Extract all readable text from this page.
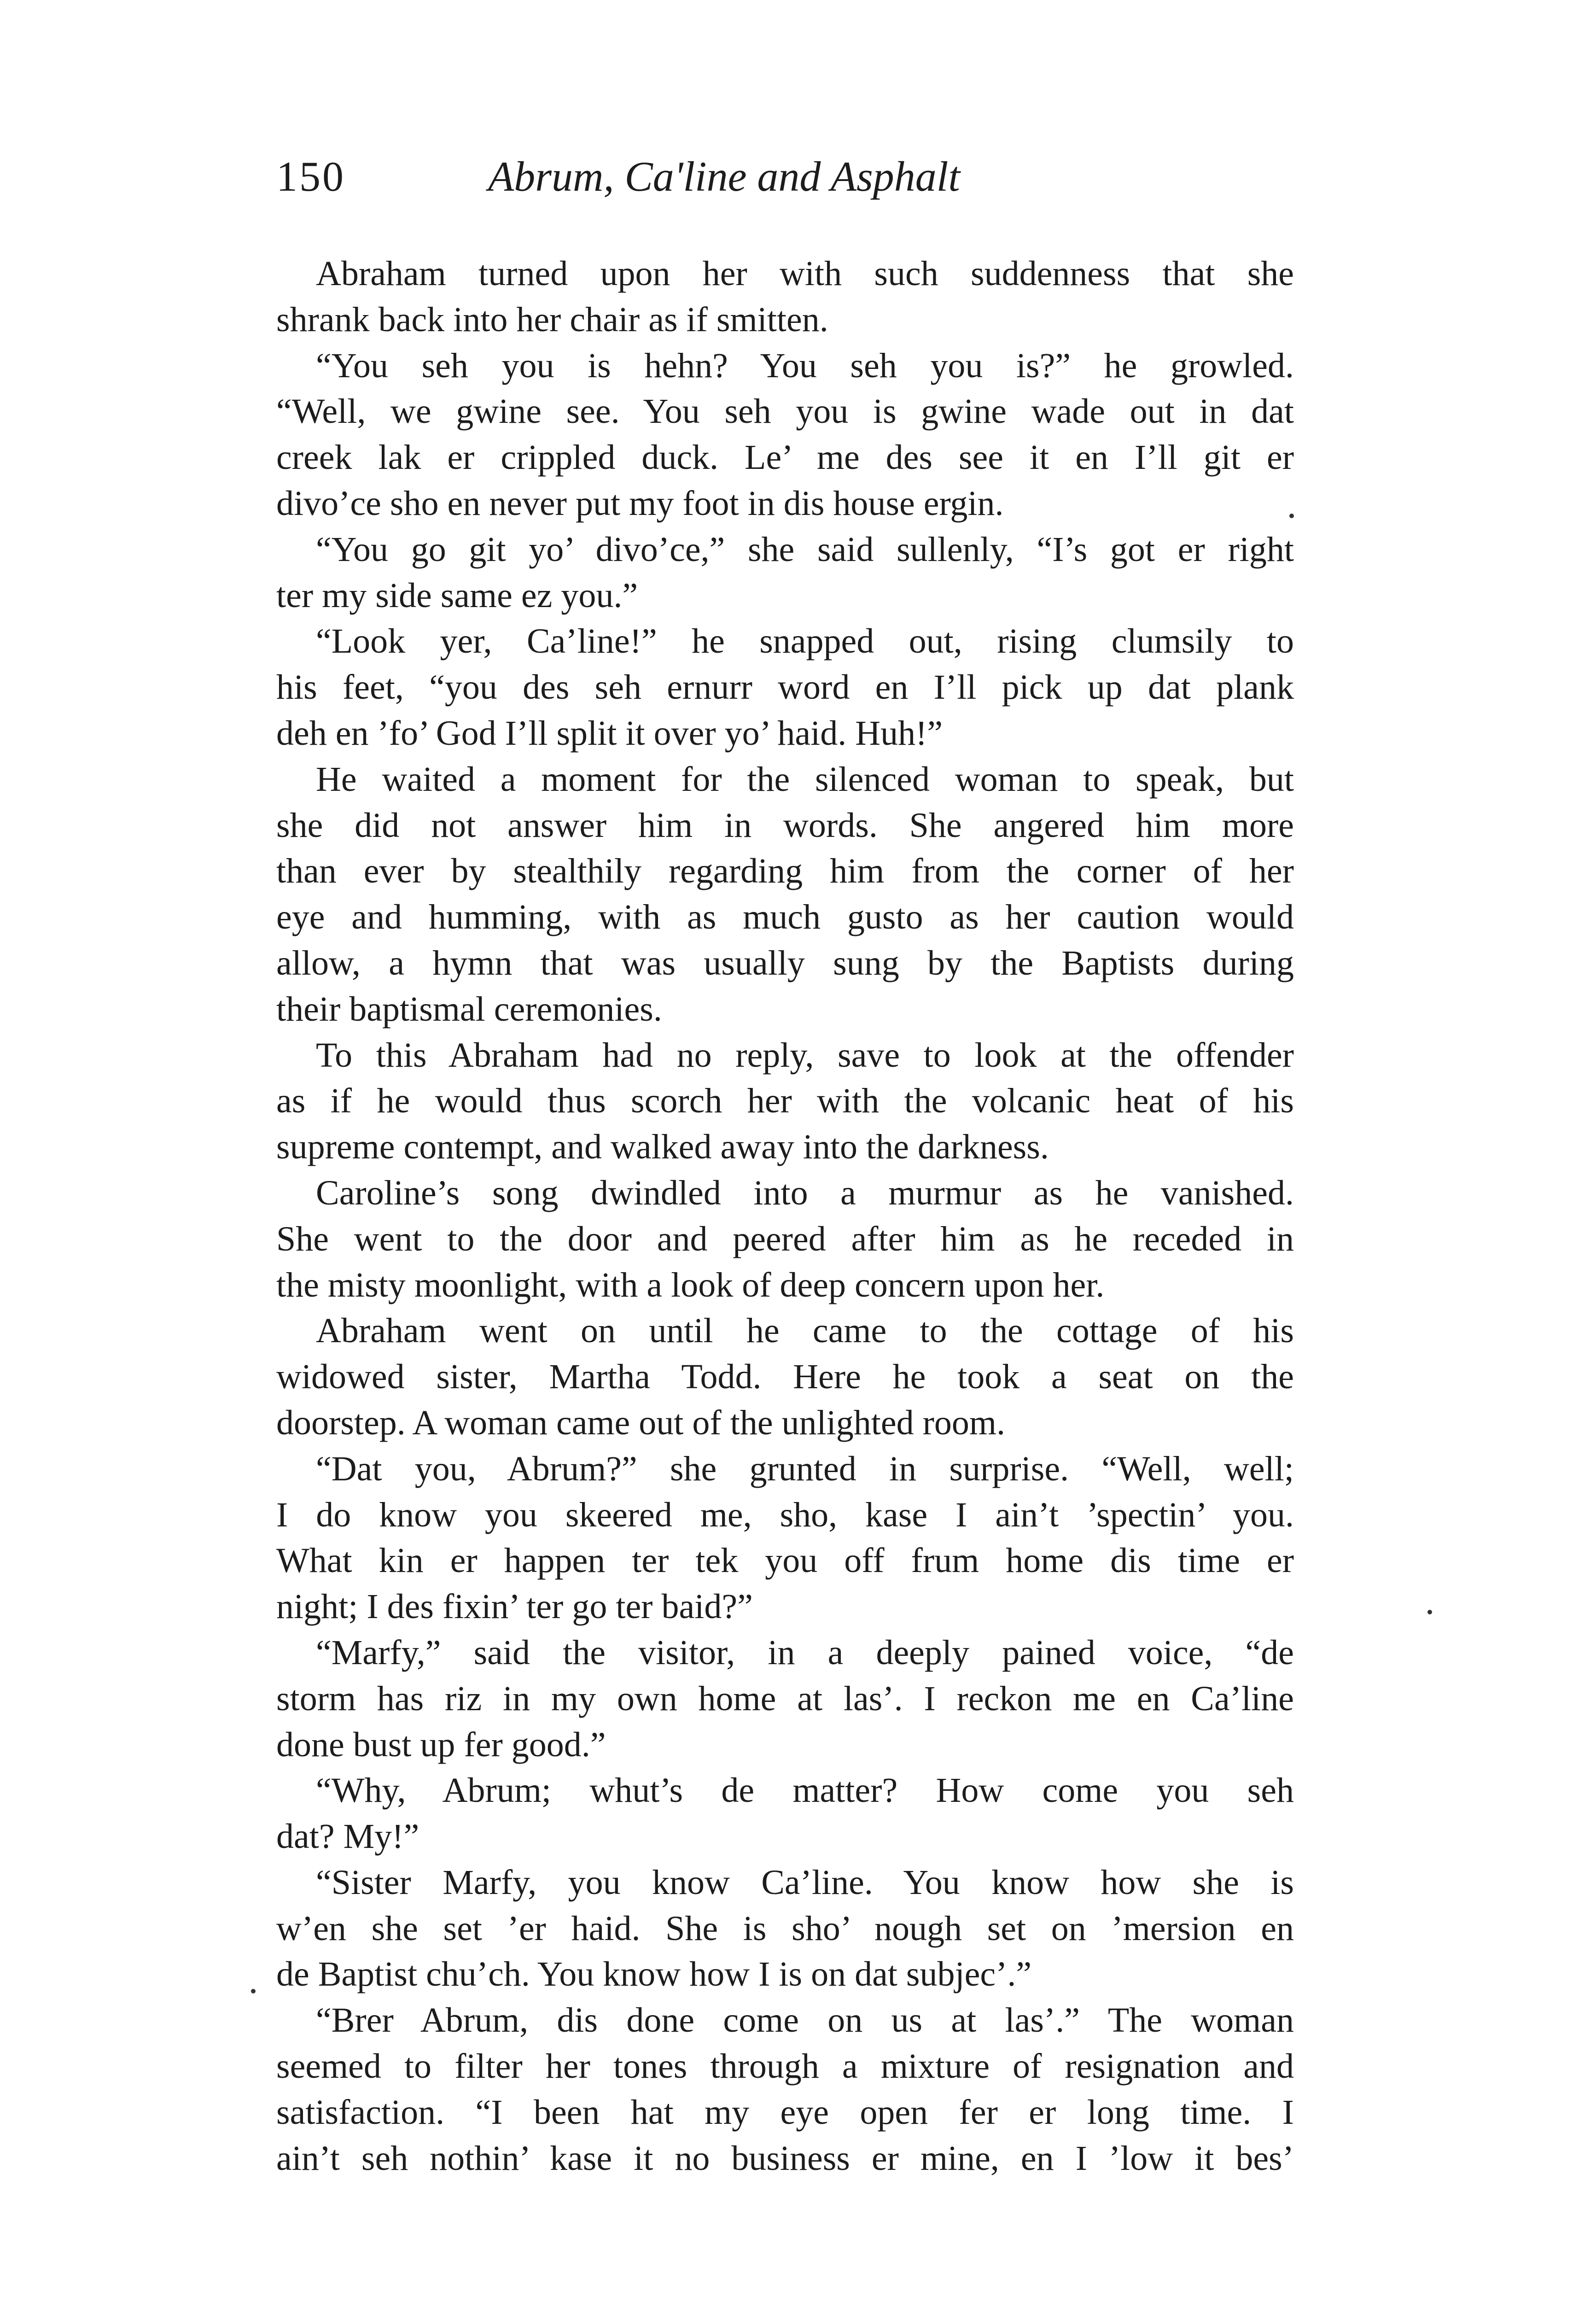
150	Abrum, Ca'line and Asphalt
Abraham turned upon her with such suddenness that she
shrank back into her chair as if smitten.
“You seh you is hehn? You seh you is?” he growled.
“Well, we gwine see. You seh you is gwine wade out in dat
creek lak er crippled duck. Le’ me des see it en I’ll git er
divo’ce sho en never put my foot in dis house ergin.
“You go git yo’ divo’ce,” she said sullenly, “I’s got er right
ter my side same ez you.”
“Look yer, Ca’line!” he snapped out, rising clumsily to
his feet, “you des seh ernurr word en I’ll pick up dat plank
deh en ’fo’ God I’ll split it over yo’ haid. Huh!”
He waited a moment for the silenced woman to speak, but
she did not answer him in words. She angered him more
than ever by stealthily regarding him from the corner of her
eye and humming, with as much gusto as her caution would
allow, a hymn that was usually sung by the Baptists during
their baptismal ceremonies.
To this Abraham had no reply, save to look at the offender
as if he would thus scorch her with the volcanic heat of his
supreme contempt, and walked away into the darkness.
Caroline’s song dwindled into a murmur as he vanished.
She went to the door and peered after him as he receded in
the misty moonlight, with a look of deep concern upon her.
Abraham went on until he came to the cottage of his
widowed sister, Martha Todd. Here he took a seat on the
doorstep. A woman came out of the unlighted room.
“Dat you, Abrum?” she grunted in surprise. “Well, well;
I do know you skeered me, sho, kase I ain’t ’spectin’ you.
What kin er happen ter tek you off frum home dis time er
night; I des fixin’ ter go ter baid?”
“Marfy,” said the visitor, in a deeply pained voice, “de
storm has riz in my own home at las’. I reckon me en Ca’line
done bust up fer good.”
“Why, Abrum; whut’s de matter? How come you seh
dat? My!”
“Sister Marfy, you know Ca’line. You know how she is
w’en she set ’er haid. She is sho’ nough set on ’mersion en
de Baptist chu’ch. You know how I is on dat subjec’.”
“Brer Abrum, dis done come on us at las’.” The woman
seemed to filter her tones through a mixture of resignation and
satisfaction. “I been hat my eye open fer er long time. I
ain’t seh nothin’ kase it no business er mine, en I ’low it bes’
